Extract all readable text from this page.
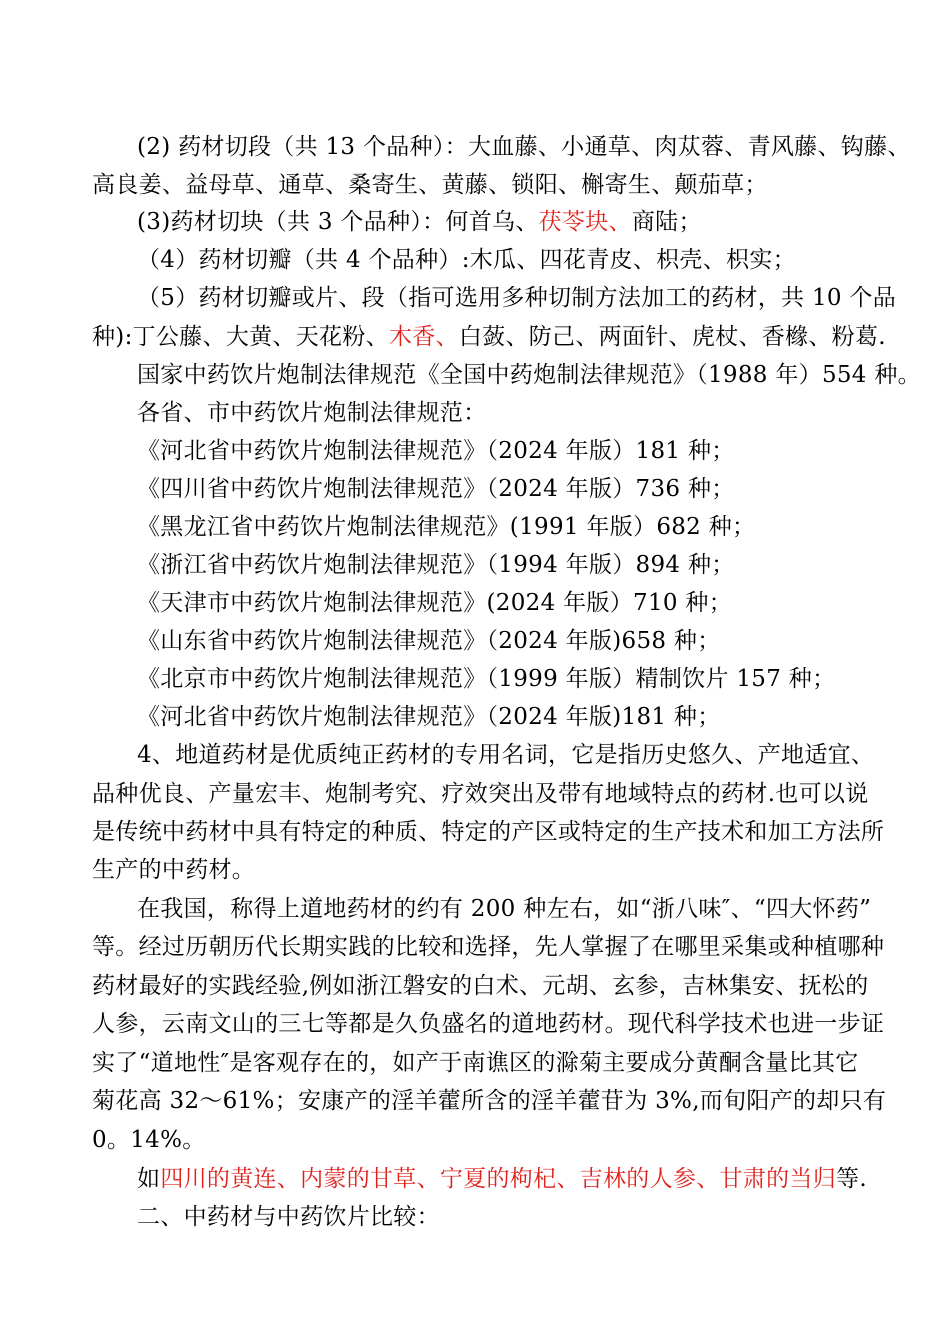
(2) 药材切段（共 13 个品种）：大血藤、小通草、肉苁蓉、青风藤、钩藤、
高良姜、益母草、通草、桑寄生、黄藤、锁阳、槲寄生、颠茄草；
(3)药材切块（共 3 个品种）：何首乌、茯苓块、商陆；
（4）药材切瓣（共 4 个品种）:木瓜、四花青皮、枳壳、枳实；
（5）药材切瓣或片、段（指可选用多种切制方法加工的药材，共 10 个品
种):丁公藤、大黄、天花粉、木香、白蔹、防己、两面针、虎杖、香橼、粉葛.
国家中药饮片炮制法律规范《全国中药炮制法律规范》（1988 年）554 种。
各省、市中药饮片炮制法律规范：
《河北省中药饮片炮制法律规范》（2024 年版）181 种；
《四川省中药饮片炮制法律规范》（2024 年版）736 种；
《黑龙江省中药饮片炮制法律规范》(1991 年版）682 种；
《浙江省中药饮片炮制法律规范》（1994 年版）894 种；
《天津市中药饮片炮制法律规范》(2024 年版）710 种；
《山东省中药饮片炮制法律规范》（2024 年版)658 种；
《北京市中药饮片炮制法律规范》（1999 年版）精制饮片 157 种；
《河北省中药饮片炮制法律规范》（2024 年版)181 种；
4、地道药材是优质纯正药材的专用名词，它是指历史悠久、产地适宜、
品种优良、产量宏丰、炮制考究、疗效突出及带有地域特点的药材.也可以说
是传统中药材中具有特定的种质、特定的产区或特定的生产技术和加工方法所
生产的中药材。
在我国，称得上道地药材的约有 200 种左右，如“浙八味″、“四大怀药”
等。经过历朝历代长期实践的比较和选择，先人掌握了在哪里采集或种植哪种
药材最好的实践经验,例如浙江磐安的白术、元胡、玄参，吉林集安、抚松的
人参，云南文山的三七等都是久负盛名的道地药材。现代科学技术也进一步证
实了“道地性″是客观存在的，如产于南谯区的滁菊主要成分黄酮含量比其它
菊花高 32～61%；安康产的淫羊藿所含的淫羊藿苷为 3%,而旬阳产的却只有
0。14%。
如四川的黄连、内蒙的甘草、宁夏的枸杞、吉林的人参、甘肃的当归等.
二、中药材与中药饮片比较：
